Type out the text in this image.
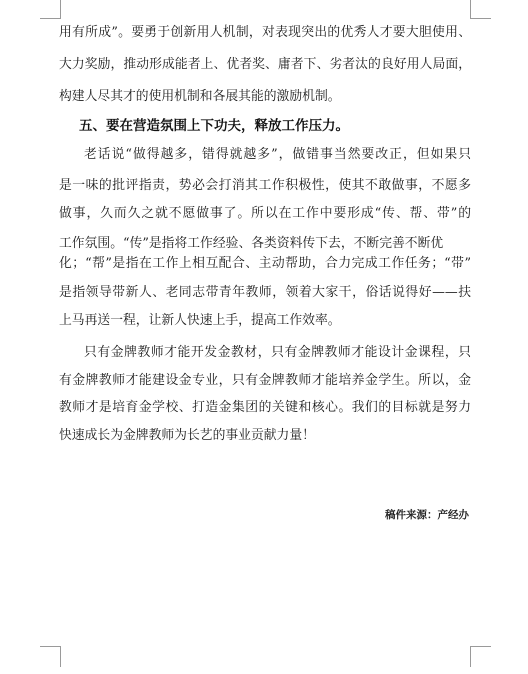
用有所成”。要勇于创新用人机制，对表现突出的优秀人才要大胆使用、
大力奖励，推动形成能者上、优者奖、庸者下、劣者汰的良好用人局面，
构建人尽其才的使用机制和各展其能的激励机制。
五、要在营造氛围上下功夫，释放工作压力。
老话说“做得越多，错得就越多”，做错事当然要改正，但如果只
是一味的批评指责，势必会打消其工作积极性，使其不敢做事，不愿多
做事，久而久之就不愿做事了。所以在工作中要形成“传、帮、带”的
工作氛围。“传”是指将工作经验、各类资料传下去，不断完善不断优
化；“帮”是指在工作上相互配合、主动帮助，合力完成工作任务；“带”
是指领导带新人、老同志带青年教师，领着大家干，俗话说得好——扶
上马再送一程，让新人快速上手，提高工作效率。
只有金牌教师才能开发金教材，只有金牌教师才能设计金课程，只
有金牌教师才能建设金专业，只有金牌教师才能培养金学生。所以，金
教师才是培育金学校、打造金集团的关键和核心。我们的目标就是努力
快速成长为金牌教师为长艺的事业贡献力量！
稿件来源：产经办
